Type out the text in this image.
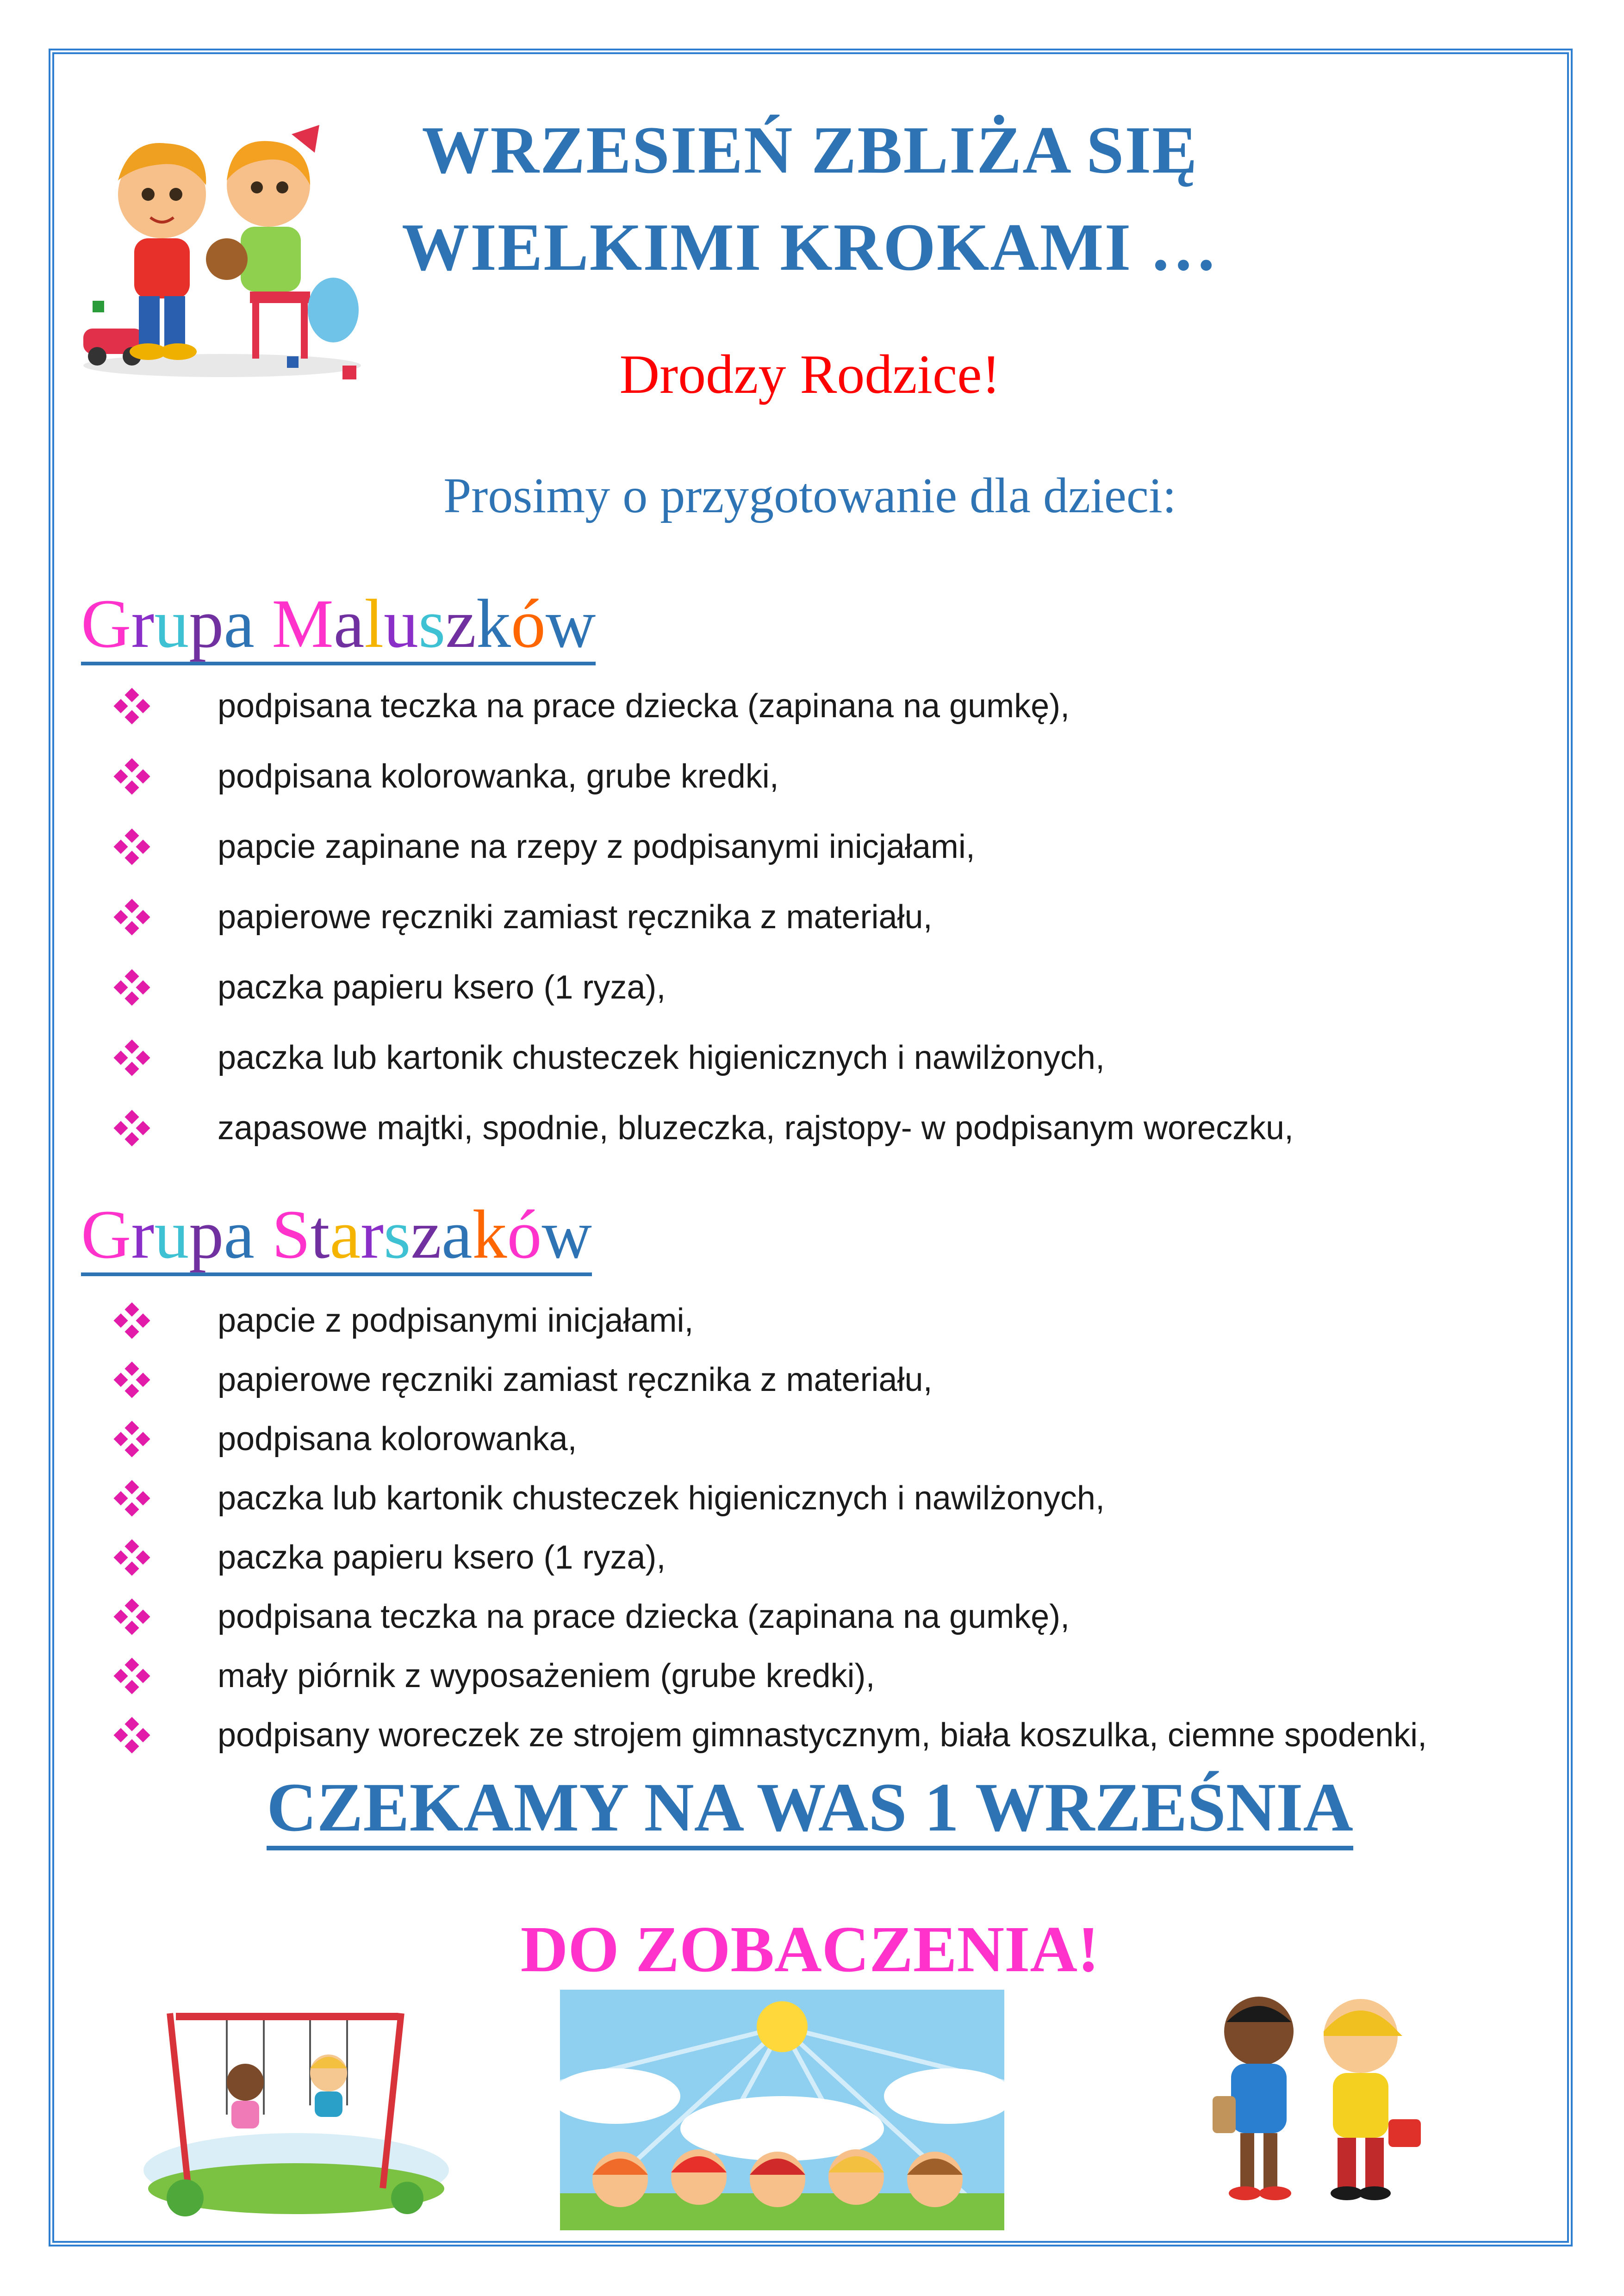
WRZESIEŃ ZBLIŻA SIĘ
WIELKIMI KROKAMI …
Drodzy Rodzice!
Prosimy o przygotowanie dla dzieci:
Grupa Maluszków
podpisana teczka na prace dziecka (zapinana na gumkę),
podpisana kolorowanka, grube kredki,
papcie zapinane na rzepy z podpisanymi inicjałami,
papierowe ręczniki zamiast ręcznika z materiału,
paczka papieru ksero (1 ryza),
paczka lub kartonik chusteczek higienicznych i nawilżonych,
zapasowe majtki, spodnie, bluzeczka, rajstopy- w podpisanym woreczku,
Grupa Starszaków
papcie z podpisanymi inicjałami,
papierowe ręczniki zamiast ręcznika z materiału,
podpisana kolorowanka,
paczka lub kartonik chusteczek higienicznych i nawilżonych,
paczka papieru ksero (1 ryza),
podpisana teczka na prace dziecka (zapinana na gumkę),
mały piórnik z wyposażeniem (grube kredki),
podpisany woreczek ze strojem gimnastycznym, biała koszulka, ciemne spodenki,
CZEKAMY NA WAS 1 WRZEŚNIA
DO ZOBACZENIA!
